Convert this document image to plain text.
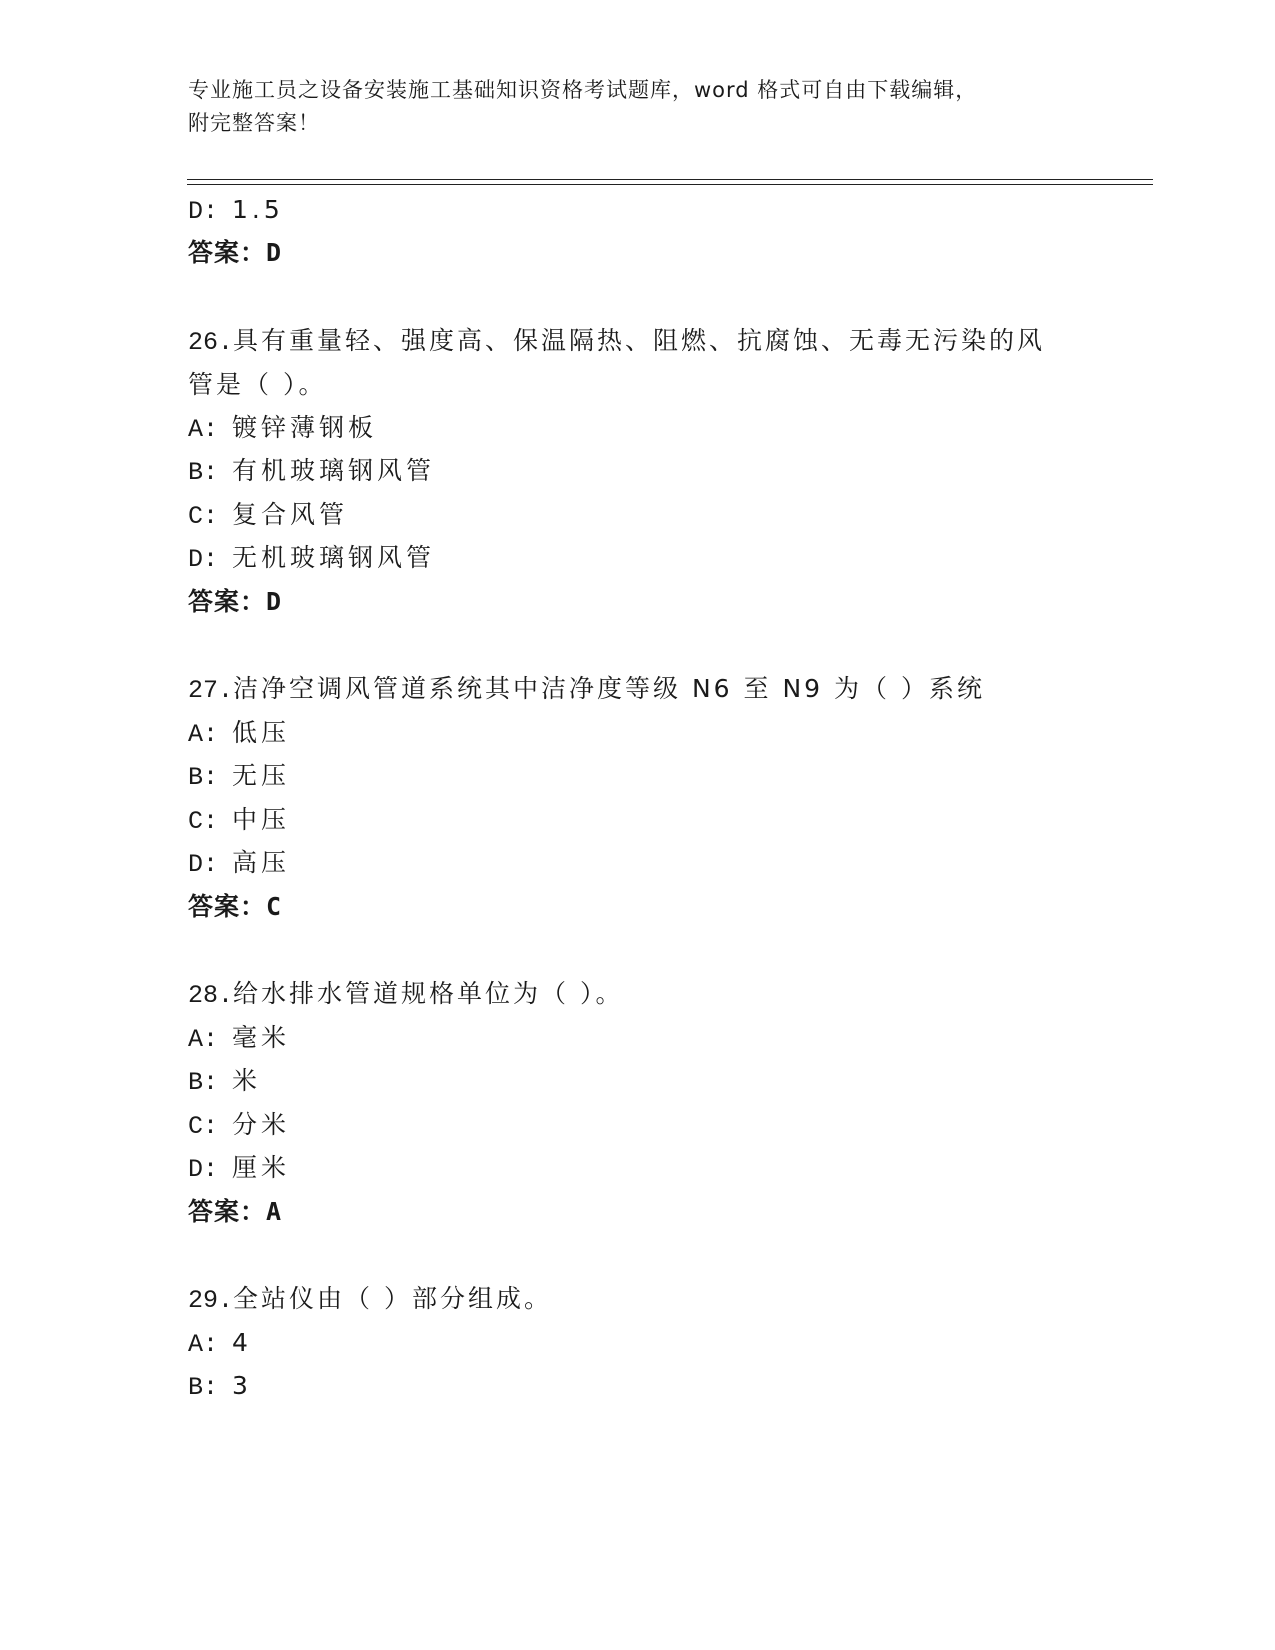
专业施工员之设备安装施工基础知识资格考试题库，word 格式可自由下载编辑，
附完整答案！
D: 1.5
答案：D
26.具有重量轻、强度高、保温隔热、阻燃、抗腐蚀、无毒无污染的风
管是（ ）。
A: 镀锌薄钢板
B: 有机玻璃钢风管
C: 复合风管
D: 无机玻璃钢风管
答案：D
27.洁净空调风管道系统其中洁净度等级 N6 至 N9 为（ ）系统
A: 低压
B: 无压
C: 中压
D: 高压
答案：C
28.给水排水管道规格单位为（ ）。
A: 毫米
B: 米
C: 分米
D: 厘米
答案：A
29.全站仪由（ ）部分组成。
A: 4
B: 3
